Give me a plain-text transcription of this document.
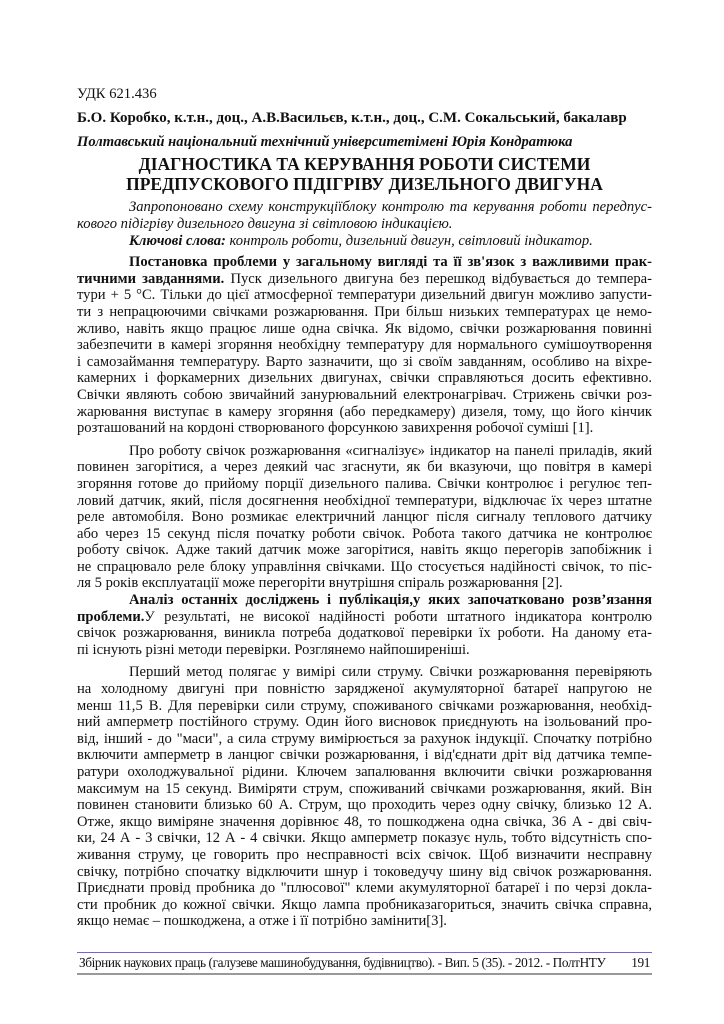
УДК 621.436
Б.О. Коробко, к.т.н., доц., А.В.Васильєв, к.т.н., доц., С.М. Сокальський, бакалавр
Полтавський національний технічний університетімені Юрія Кондратюка
ДІАГНОСТИКА ТА КЕРУВАННЯ РОБОТИ СИСТЕМИ
ПРЕДПУСКОВОГО ПІДІГРІВУ ДИЗЕЛЬНОГО ДВИГУНА
Запропоновано схему конструкціїблоку контролю та керування роботи передпус-
кового підігріву дизельного двигуна зі світловою індикацією.
Ключові слова: контроль роботи, дизельний двигун, світловий індикатор.
Постановка проблеми у загальному вигляді та її зв'язок з важливими прак-
тичними завданнями. Пуск дизельного двигуна без перешкод відбувається до темпера-
тури + 5 °С. Тільки до цієї атмосферної температури дизельний двигун можливо запусти-
ти з непрацюючими свічками розжарювання. При більш низьких температурах це немо-
жливо, навіть якщо працює лише одна свічка. Як відомо, свічки розжарювання повинні
забезпечити в камері згоряння необхідну температуру для нормального сумішоутворення
і самозаймання температуру. Варто зазначити, що зі своїм завданням, особливо на віхре-
камерних і форкамерних дизельних двигунах, свічки справляються досить ефективно.
Свічки являють собою звичайний занурювальний електронагрівач. Стрижень свічки роз-
жарювання виступає в камеру згоряння (або передкамеру) дизеля, тому, що його кінчик
розташований на кордоні створюваного форсункою завихрення робочої суміші [1].
Про роботу свічок розжарювання «сигналізує» індикатор на панелі приладів, який
повинен загорітися, а через деякий час згаснути, як би вказуючи, що повітря в камері
згоряння готове до прийому порції дизельного палива. Свічки контролює і регулює теп-
ловий датчик, який, після досягнення необхідної температури, відключає їх через штатне
реле автомобіля. Воно розмикає електричний ланцюг після сигналу теплового датчику
або через 15 секунд після початку роботи свічок. Робота такого датчика не контролює
роботу свічок. Адже такий датчик може загорітися, навіть якщо перегорів запобіжник і
не спрацювало реле блоку управління свічками. Що стосується надійності свічок, то піс-
ля 5 років експлуатації може перегоріти внутрішня спіраль розжарювання [2].
Аналіз останніх досліджень і публікація,у яких започатковано розв’язання
проблеми.У результаті, не високої надійності роботи штатного індикатора контролю
свічок розжарювання, виникла потреба додаткової перевірки їх роботи. На даному ета-
пі існують різні методи перевірки. Розглянемо найпоширеніші.
Перший метод полягає у вимірі сили струму. Свічки розжарювання перевіряють
на холодному двигуні при повністю зарядженої акумуляторної батареї напругою не
менш 11,5 В. Для перевірки сили струму, споживаного свічками розжарювання, необхід-
ний амперметр постійного струму. Один його висновок приєднують на ізольований про-
від, інший - до "маси", а сила струму вимірюється за рахунок індукції. Спочатку потрібно
включити амперметр в ланцюг свічки розжарювання, і від'єднати дріт від датчика темпе-
ратури охолоджувальної рідини. Ключем запалювання включити свічки розжарювання
максимум на 15 секунд. Виміряти струм, споживаний свічками розжарювання, який. Він
повинен становити близько 60 А. Струм, що проходить через одну свічку, близько 12 А.
Отже, якщо виміряне значення дорівнює 48, то пошкоджена одна свічка, 36 А - дві свіч-
ки, 24 А - 3 свічки, 12 А - 4 свічки. Якщо амперметр показує нуль, тобто відсутність спо-
живання струму, це говорить про несправності всіх свічок. Щоб визначити несправну
свічку, потрібно спочатку відключити шнур і токоведучу шину від свічок розжарювання.
Приєднати провід пробника до "плюсової" клеми акумуляторної батареї і по черзі докла-
сти пробник до кожної свічки. Якщо лампа пробниказагориться, значить свічка справна,
якщо немає – пошкоджена, а отже і її потрібно замінити[3].
Збірник наукових праць (галузеве машинобудування, будівництво). - Вип. 5 (35). - 2012. - ПолтНТУ 191
